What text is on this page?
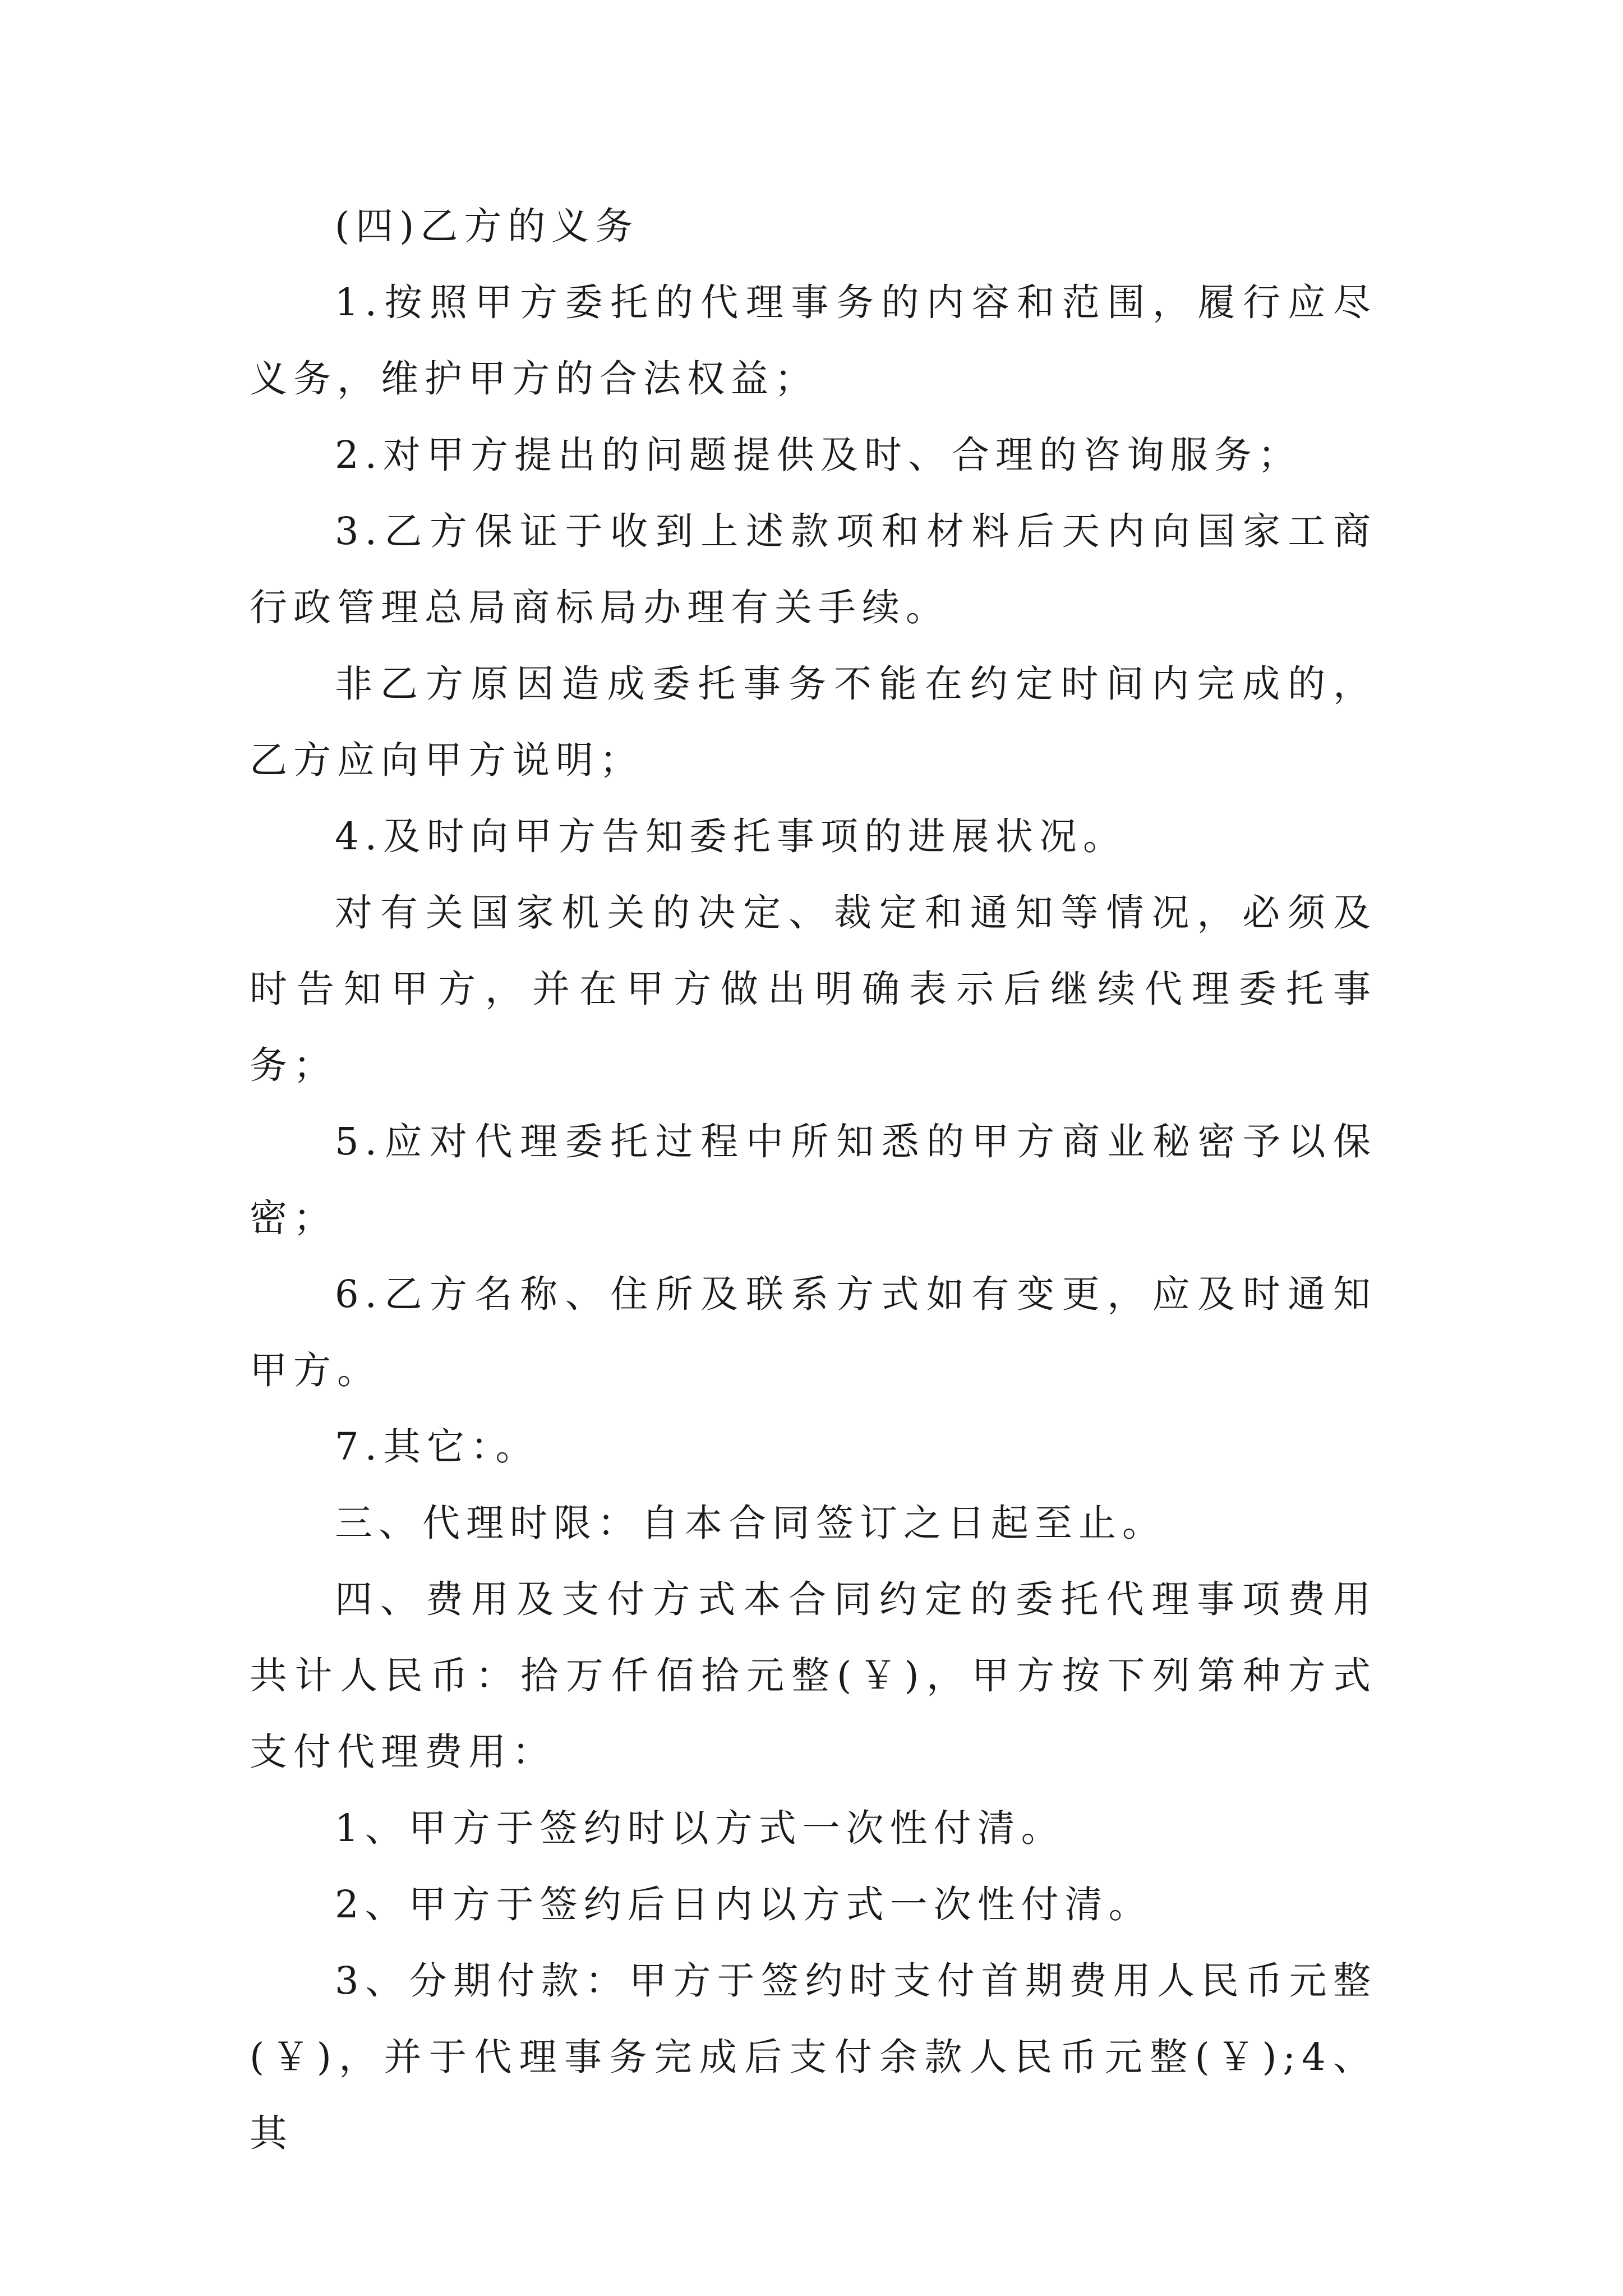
(四)乙方的义务

1.按照甲方委托的代理事务的内容和范围，履行应尽义务，维护甲方的合法权益；

2.对甲方提出的问题提供及时、合理的咨询服务；

3.乙方保证于收到上述款项和材料后天内向国家工商行政管理总局商标局办理有关手续。

非乙方原因造成委托事务不能在约定时间内完成的，乙方应向甲方说明；

4.及时向甲方告知委托事项的进展状况。

对有关国家机关的决定、裁定和通知等情况，必须及时告知甲方，并在甲方做出明确表示后继续代理委托事务；

5.应对代理委托过程中所知悉的甲方商业秘密予以保密；

6.乙方名称、住所及联系方式如有变更，应及时通知甲方。

7.其它：。

三、代理时限：自本合同签订之日起至止。

四、费用及支付方式本合同约定的委托代理事项费用共计人民币：拾万仟佰拾元整(￥)，甲方按下列第种方式支付代理费用：

1、甲方于签约时以方式一次性付清。

2、甲方于签约后日内以方式一次性付清。

3、分期付款：甲方于签约时支付首期费用人民币元整(￥)，并于代理事务完成后支付余款人民币元整(￥);4、其
